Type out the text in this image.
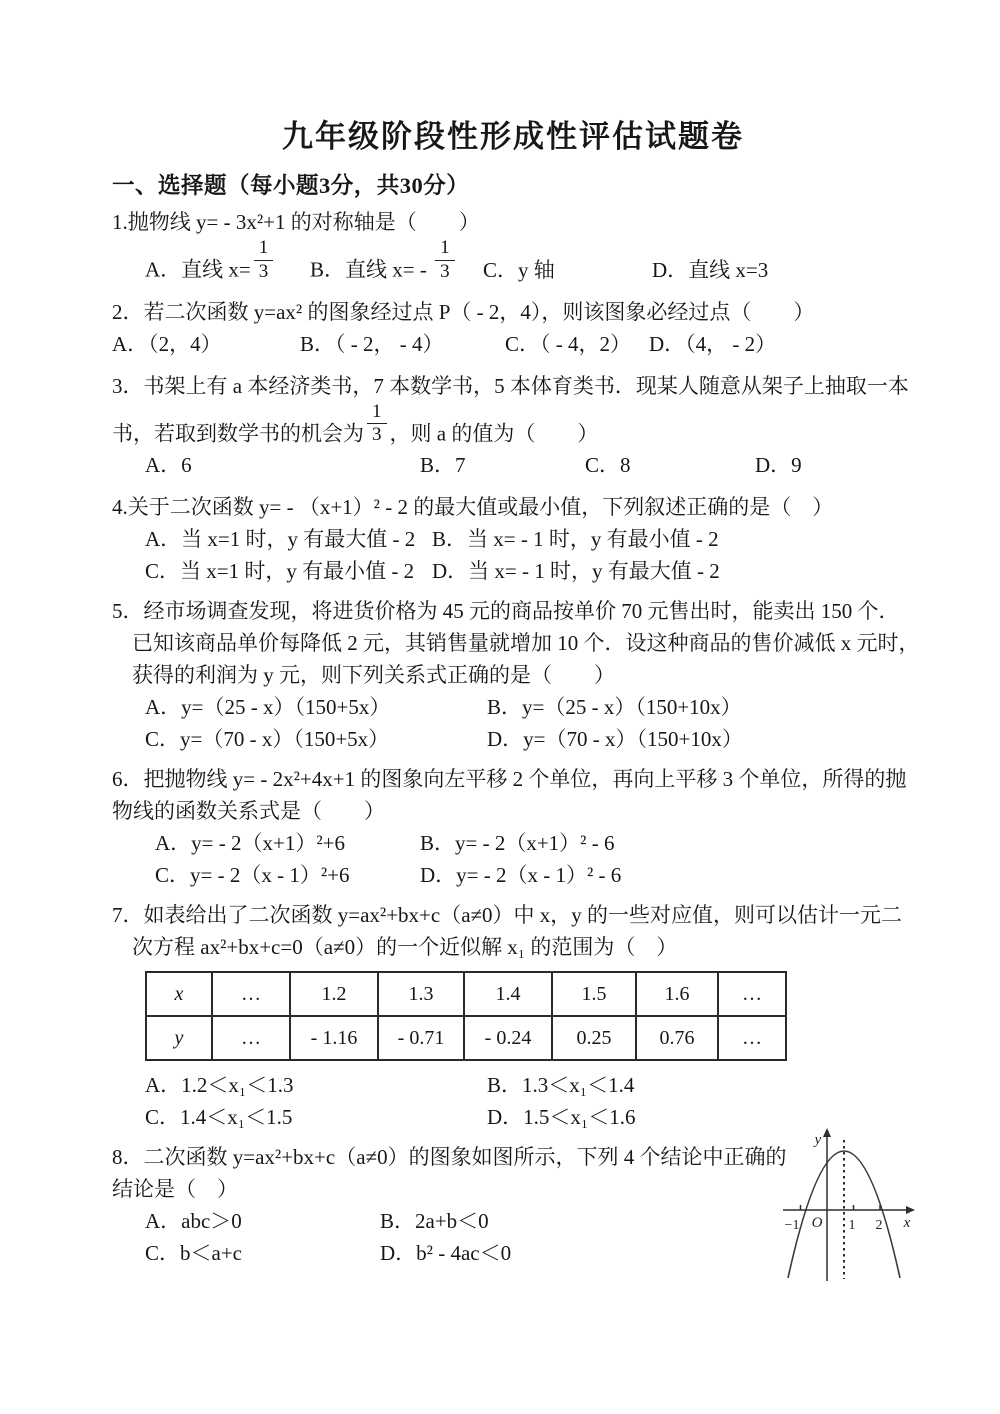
九年级阶段性形成性评估试题卷
一、选择题（每小题3分，共30分）
1.抛物线 y= - 3x²+1 的对称轴是（　　）
A．直线 $x= \frac{1}{3}$ B．直线 $x= - \frac{1}{3}$ C．y 轴	D．直线 x=3
2．若二次函数 y=ax² 的图象经过点 P（ - 2，4），则该图象必经过点（　　）
A．（2，4）	B．（ - 2， - 4）	C．（ - 4，2） D．（4， - 2）
3．书架上有 a 本经济类书，7 本数学书，5 本体育类书．现某人随意从架子上抽取一本
书，若取到数学书的机会为 $\frac{1}{3}$ ，则 a 的值为（　　）
A．6	B．7	C．8	D．9
4.关于二次函数 y= - （x+1）² - 2 的最大值或最小值，下列叙述正确的是（　）
A．当 x=1 时，y 有最大值 - 2 B．当 x= - 1 时，y 有最小值 - 2
C．当 x=1 时，y 有最小值 - 2 D．当 x= - 1 时，y 有最大值 - 2
5．经市场调查发现，将进货价格为 45 元的商品按单价 70 元售出时，能卖出 150 个．
已知该商品单价每降低 2 元，其销售量就增加 10 个．设这种商品的售价减低 x 元时，
获得的利润为 y 元，则下列关系式正确的是（　　）
A．y=（25 - x）（150+5x）	B．y=（25 - x）（150+10x）
C．y=（70 - x）（150+5x）	D．y=（70 - x）（150+10x）
6．把抛物线 y= - 2x²+4x+1 的图象向左平移 2 个单位，再向上平移 3 个单位，所得的抛
物线的函数关系式是（　　）
A．y= - 2（x+1）²+6	B．y= - 2（x+1）² - 6
C．y= - 2（x - 1）²+6	D．y= - 2（x - 1）² - 6
7．如表给出了二次函数 y=ax²+bx+c（a≠0）中 x，y 的一些对应值，则可以估计一元二
次方程 ax²+bx+c=0（a≠0）的一个近似解 x₁ 的范围为（　）
x	…	1.2	1.3	1.4	1.5	1.6	…
y	…	- 1.16	- 0.71	- 0.24	0.25	0.76	…
A．1.2＜x₁＜1.3	B．1.3＜x₁＜1.4
C．1.4＜x₁＜1.5	D．1.5＜x₁＜1.6
8．二次函数 y=ax²+bx+c（a≠0）的图象如图所示，下列 4 个结论中正确的
结论是（　）
A．abc＞0	B．2a+b＜0
C．b＜a+c	D．b² - 4ac＜0
y
x
O
−1	1 2
